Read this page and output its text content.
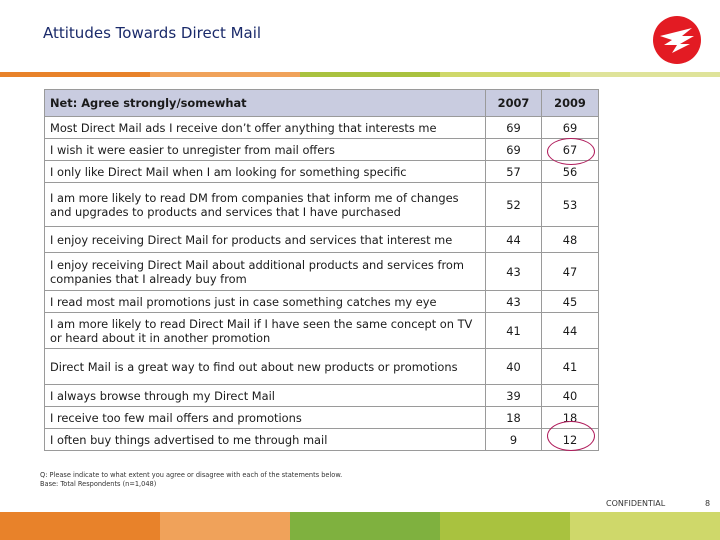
Attitudes Towards Direct Mail
Net: Agree strongly/somewhat	2007	2009
Most Direct Mail ads I receive don’t offer anything that interests me	69	69
I wish it were easier to unregister from mail offers	69	67
I only like Direct Mail when I am looking for something specific	57	56
I am more likely to read DM from companies that inform me of changes and upgrades to products and services that I have purchased	52	53
I enjoy receiving Direct Mail for products and services that interest me	44	48
I enjoy receiving Direct Mail about additional products and services from companies that I already buy from	43	47
I read most mail promotions just in case something catches my eye	43	45
I am more likely to read Direct Mail if I have seen the same concept on TV or heard about it in another promotion	41	44
Direct Mail is a great way to find out about new products or promotions	40	41
I always browse through my Direct Mail	39	40
I receive too few mail offers and promotions	18	18
I often buy things advertised to me through mail	9	12
Q: Please indicate to what extent you agree or disagree with each of the statements below.
Base: Total Respondents (n=1,048)
CONFIDENTIAL	8
